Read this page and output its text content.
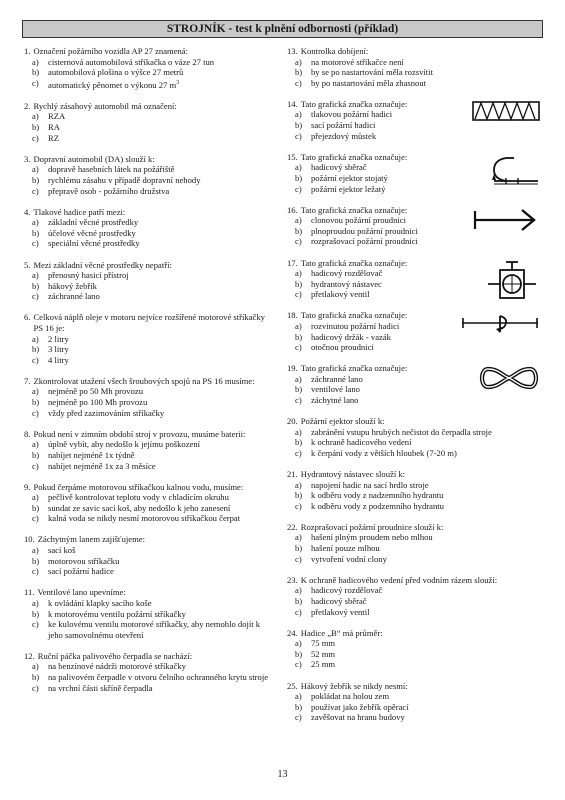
STROJNÍK - test k plnění odbornosti (příklad)
1. Označení požárního vozidla AP 27 znamená:
a)	cisternová automobilová stříkačka o váze 27 tun
b)	automobilová plošina o výšce 27 metrů
c)	automatický pěnomet o výkonu 27 $m^3$
2. Rychlý zásahový automobil má označení:
a)	RZA
b)	RA
c)	RZ
3. Dopravní automobil (DA) slouží k:
a)	dopravě hasebních látek na požářiště
b)	rychlému zásahu v případě dopravní nehody
c)	přepravě osob - požárního družstva
4. Tlakové hadice patří mezi:
a)	základní věcné prostředky
b)	účelové věcné prostředky
c)	speciální věcné prostředky
5. Mezi základní věcné prostředky nepatří:
a)	přenosný hasicí přístroj
b)	hákový žebřík
c)	záchranné lano
6. Celková náplň oleje v motoru nejvíce rozšířené motorové stříkačky PS 16 je:
a)	2 litry
b)	3 litry
c)	4 litry
7. Zkontrolovat utažení všech šroubových spojů na PS 16 musíme:
a)	nejméně po 50 Mh provozu
b)	nejméně po 100 Mh provozu
c)	vždy před zazimováním stříkačky
8. Pokud není v zimním období stroj v provozu, musíme baterii:
a)	úplně vybít, aby nedošlo k jejímu poškození
b)	nabíjet nejméně 1x týdně
c)	nabíjet nejméně 1x za 3 měsíce
9. Pokud čerpáme motorovou stříkačkou kalnou vodu, musíme:
a)	pečlivě kontrolovat teplotu vody v chladícím okruhu
b)	sundat ze savic sací koš, aby nedošlo k jeho zanesení
c)	kalná voda se nikdy nesmí motorovou stříkačkou čerpat
10. Záchytným lanem zajišťujeme:
a)	sací koš
b)	motorovou stříkačku
c)	sací požární hadice
11. Ventilové lano upevníme:
a)	k ovládání klapky sacího koše
b)	k motorovému ventilu požární stříkačky
c)	ke kulovému ventilu motorové stříkačky, aby nemohlo dojít k jeho samovolnému otevření
12. Ruční páčka palivového čerpadla se nachází:
a)	na benzínové nádrži motorové stříkačky
b)	na palivovém čerpadle v otvoru čelního ochranného krytu stroje
c)	na vrchní části skříně čerpadla
13. Kontrolka dobíjení:
a)	na motorové stříkačce není
b)	by se po nastartování měla rozsvítit
c)	by po nastartování měla zhasnout
14. Tato grafická značka označuje:
a)	tlakovou požární hadici
b)	sací požární hadici
c)	přejezdový můstek
15. Tato grafická značka označuje:
a)	hadicový sběrač
b)	požární ejektor stojatý
c)	požární ejektor ležatý
16. Tato grafická značka označuje:
a)	clonovou požární proudnici
b)	plnoproudou požární proudnici
c)	rozprašovací požární proudnici
17. Tato grafická značka označuje:
a)	hadicový rozdělovač
b)	hydrantový nástavec
c)	přetlakový ventil
18. Tato grafická značka označuje:
a)	rozvinutou požární hadici
b)	hadicový držák - vazák
c)	otočnou proudnici
19. Tato grafická značka označuje:
a)	záchranné lano
b)	ventilové lano
c)	záchytné lano
20. Požární ejektor slouží k:
a)	zabránění vstupu hrubých nečistot do čerpadla stroje
b)	k ochraně hadicového vedení
c)	k čerpání vody z větších hloubek (7-20 m)
21. Hydrantový nástavec slouží k:
a)	napojení hadic na sací hrdlo stroje
b)	k odběru vody z nadzemního hydrantu
c)	k odběru vody z podzemního hydrantu
22. Rozprašovací požární proudnice slouží k:
a)	hašení plným proudem nebo mlhou
b)	hašení pouze mlhou
c)	vytvoření vodní clony
23. K ochraně hadicového vedení před vodním rázem slouží:
a)	hadicový rozdělovač
b)	hadicový sběrač
c)	přetlakový ventil
24. Hadice „B“ má průměr:
a)	75 mm
b)	52 mm
c)	25 mm
25. Hákový žebřík se nikdy nesmí:
a)	pokládat na holou zem
b)	používat jako žebřík opěrací
c)	zavěšovat na hranu budovy
13
